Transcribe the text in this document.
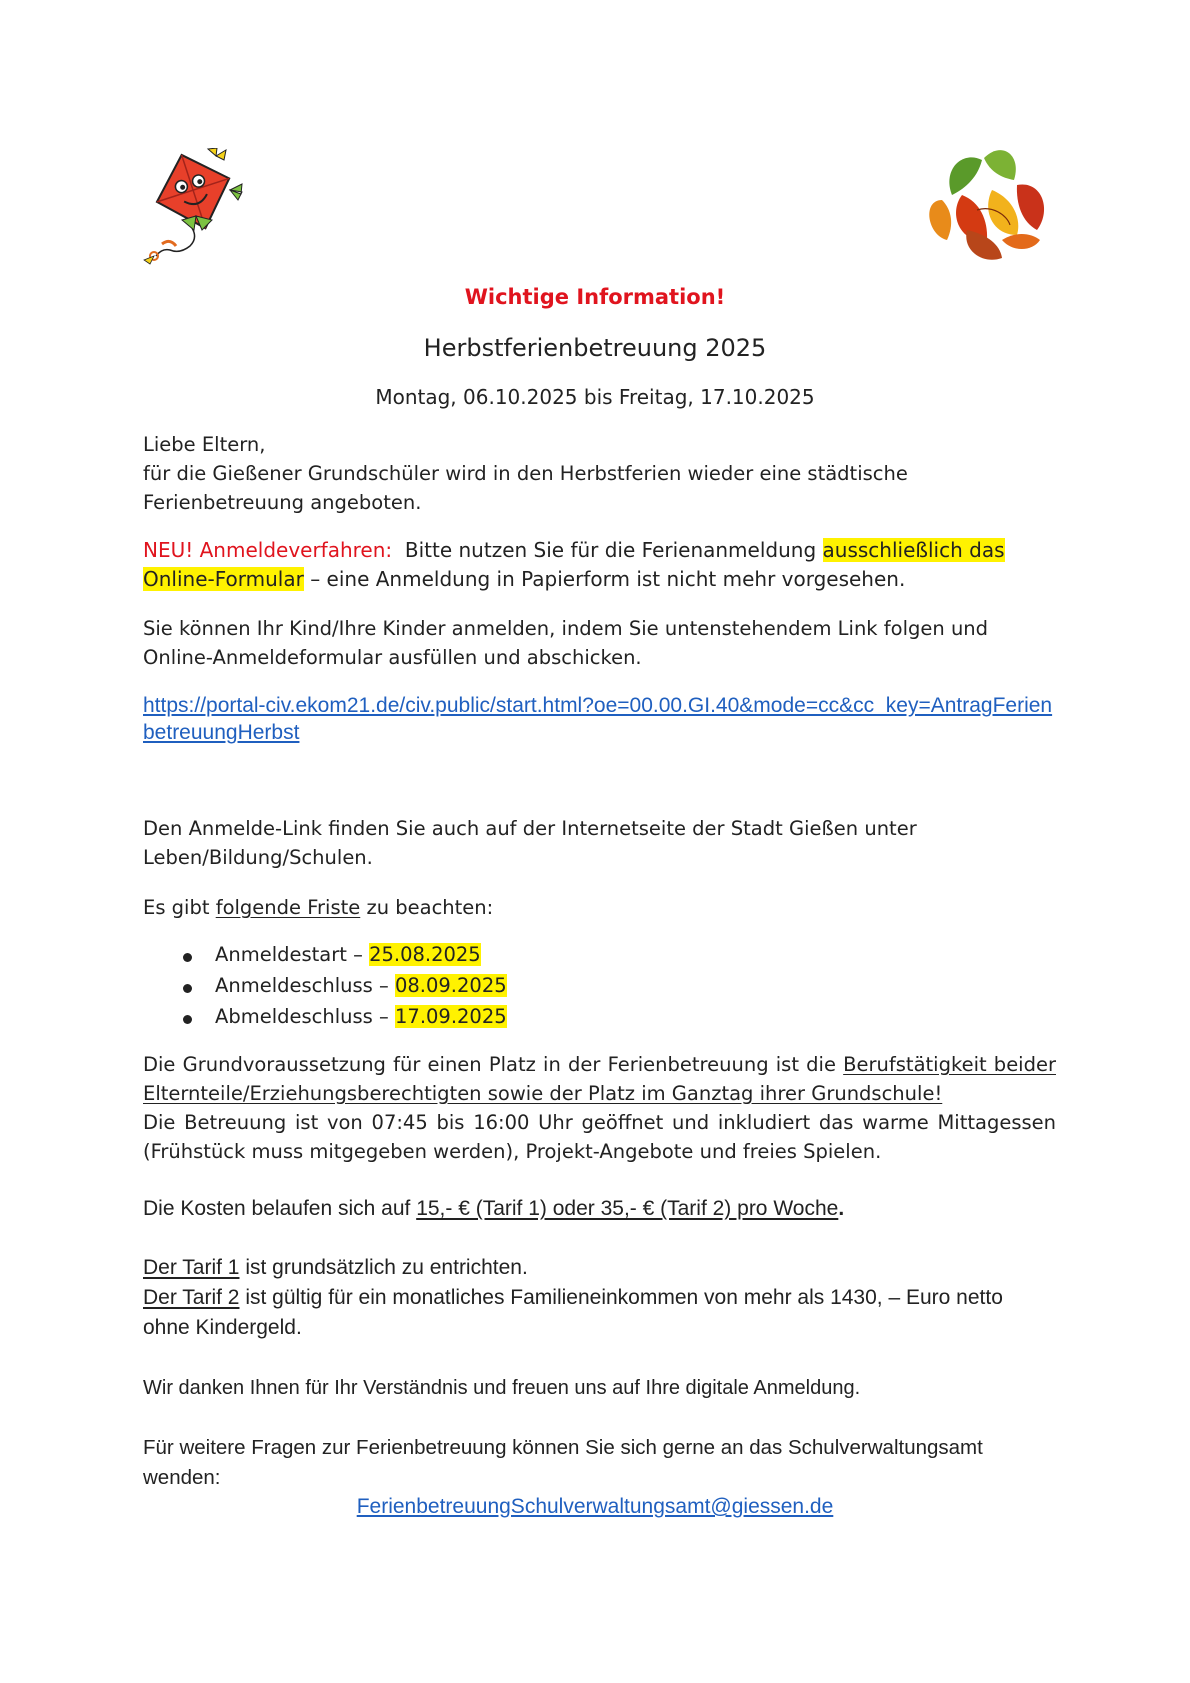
Wichtige Information!
Herbstferienbetreuung 2025
Montag, 06.10.2025 bis Freitag, 17.10.2025
Liebe Eltern,
für die Gießener Grundschüler wird in den Herbstferien wieder eine städtische Ferienbetreuung angeboten.
NEU! Anmeldeverfahren: Bitte nutzen Sie für die Ferienanmeldung ausschließlich das Online-Formular – eine Anmeldung in Papierform ist nicht mehr vorgesehen.
Sie können Ihr Kind/Ihre Kinder anmelden, indem Sie untenstehendem Link folgen und Online-Anmeldeformular ausfüllen und abschicken.
https://portal-civ.ekom21.de/civ.public/start.html?oe=00.00.GI.40&mode=cc&cc_key=AntragFerienbetreuungHerbst
Den Anmelde-Link finden Sie auch auf der Internetseite der Stadt Gießen unter Leben/Bildung/Schulen.
Es gibt folgende Friste zu beachten:
Anmeldestart – 25.08.2025
Anmeldeschluss – 08.09.2025
Abmeldeschluss – 17.09.2025
Die Grundvoraussetzung für einen Platz in der Ferienbetreuung ist die Berufstätigkeit beider Elternteile/Erziehungsberechtigten sowie der Platz im Ganztag ihrer Grundschule!
Die Betreuung ist von 07:45 bis 16:00 Uhr geöffnet und inkludiert das warme Mittagessen (Frühstück muss mitgegeben werden), Projekt-Angebote und freies Spielen.
Die Kosten belaufen sich auf 15,- € (Tarif 1) oder 35,- € (Tarif 2) pro Woche.
Der Tarif 1 ist grundsätzlich zu entrichten.
Der Tarif 2 ist gültig für ein monatliches Familieneinkommen von mehr als 1430, – Euro netto ohne Kindergeld.
Wir danken Ihnen für Ihr Verständnis und freuen uns auf Ihre digitale Anmeldung.
Für weitere Fragen zur Ferienbetreuung können Sie sich gerne an das Schulverwaltungsamt wenden:
FerienbetreuungSchulverwaltungsamt@giessen.de
